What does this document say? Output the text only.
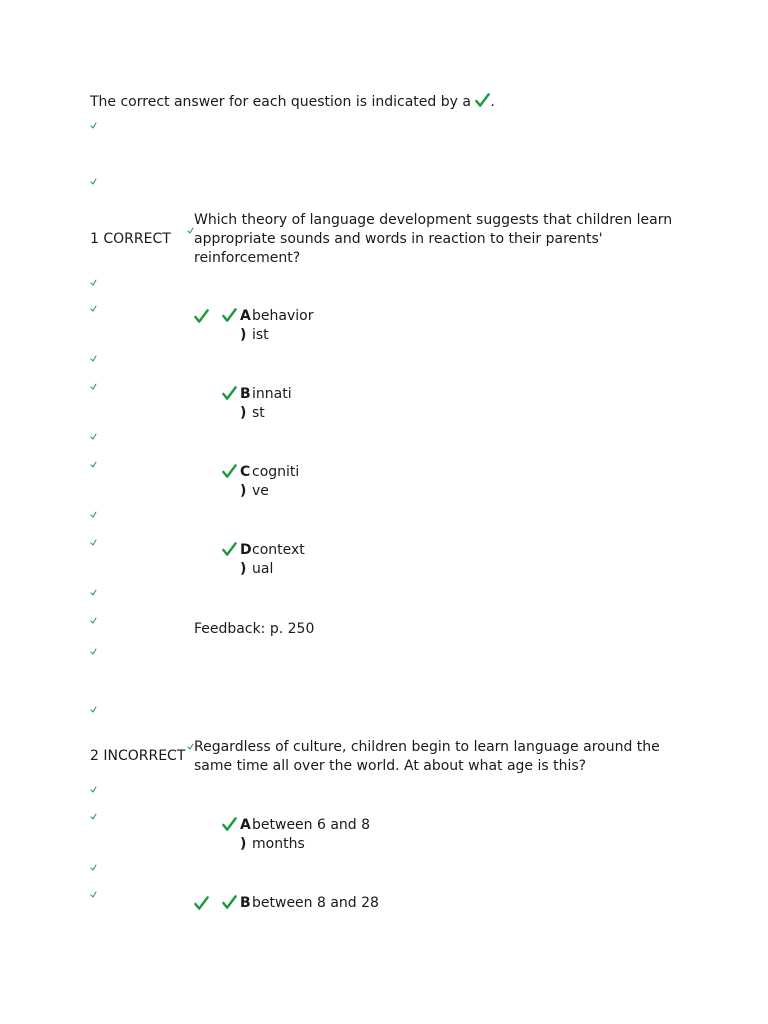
The correct answer for each question is indicated by a .
1 CORRECT
Which theory of language development suggests that children learn appropriate sounds and words in reaction to their parents' reinforcement?
A
)
behavior
ist
B
)
innati
st
C
)
cogniti
ve
D
)
context
ual
Feedback: p. 250
2 INCORRECT
Regardless of culture, children begin to learn language around the same time all over the world. At about what age is this?
A
)
between 6 and 8
months
B between 8 and 28
